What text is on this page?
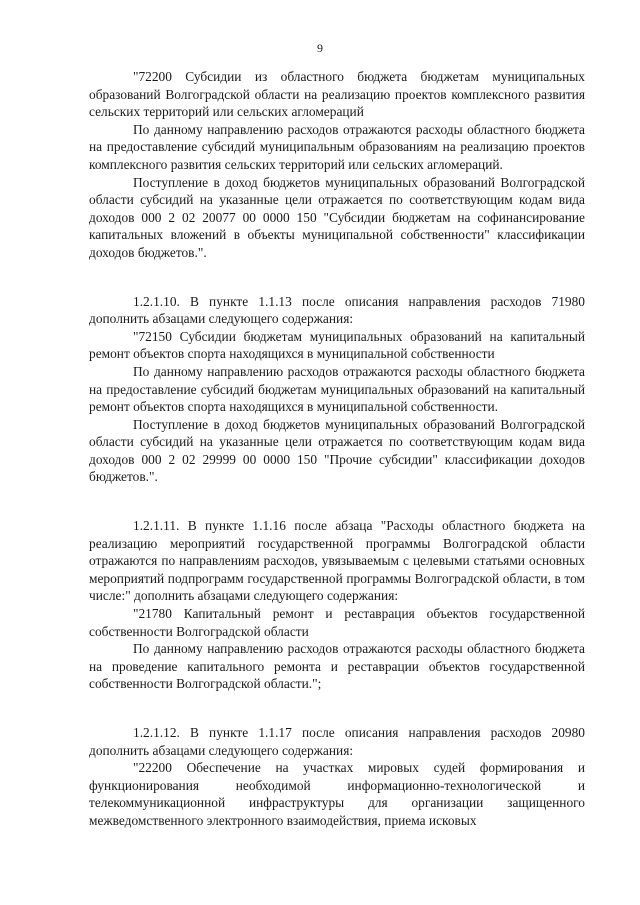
9

"72200 Субсидии из областного бюджета бюджетам муниципальных образований Волгоградской области на реализацию проектов комплексного развития сельских территорий или сельских агломераций

По данному направлению расходов отражаются расходы областного бюджета на предоставление субсидий муниципальным образованиям на реализацию проектов комплексного развития сельских территорий или сельских агломераций.

Поступление в доход бюджетов муниципальных образований Волгоградской области субсидий на указанные цели отражается по соответствующим кодам вида доходов 000 2 02 20077 00 0000 150 "Субсидии бюджетам на софинансирование капитальных вложений в объекты муниципальной собственности" классификации доходов бюджетов.".

1.2.1.10. В пункте 1.1.13 после описания направления расходов 71980 дополнить абзацами следующего содержания:

"72150 Субсидии бюджетам муниципальных образований на капитальный ремонт объектов спорта находящихся в муниципальной собственности

По данному направлению расходов отражаются расходы областного бюджета на предоставление субсидий бюджетам муниципальных образований на капитальный ремонт объектов спорта находящихся в муниципальной собственности.

Поступление в доход бюджетов муниципальных образований Волгоградской области субсидий на указанные цели отражается по соответствующим кодам вида доходов 000 2 02 29999 00 0000 150 "Прочие субсидии" классификации доходов бюджетов.".

1.2.1.11. В пункте 1.1.16 после абзаца "Расходы областного бюджета на реализацию мероприятий государственной программы Волгоградской области отражаются по направлениям расходов, увязываемым с целевыми статьями основных мероприятий подпрограмм государственной программы Волгоградской области, в том числе:" дополнить абзацами следующего содержания:

"21780 Капитальный ремонт и реставрация объектов государственной собственности Волгоградской области

По данному направлению расходов отражаются расходы областного бюджета на проведение капитального ремонта и реставрации объектов государственной собственности Волгоградской области.";

1.2.1.12. В пункте 1.1.17 после описания направления расходов 20980 дополнить абзацами следующего содержания:

"22200 Обеспечение на участках мировых судей формирования и функционирования необходимой информационно-технологической и телекоммуникационной инфраструктуры для организации защищенного межведомственного электронного взаимодействия, приема исковых
